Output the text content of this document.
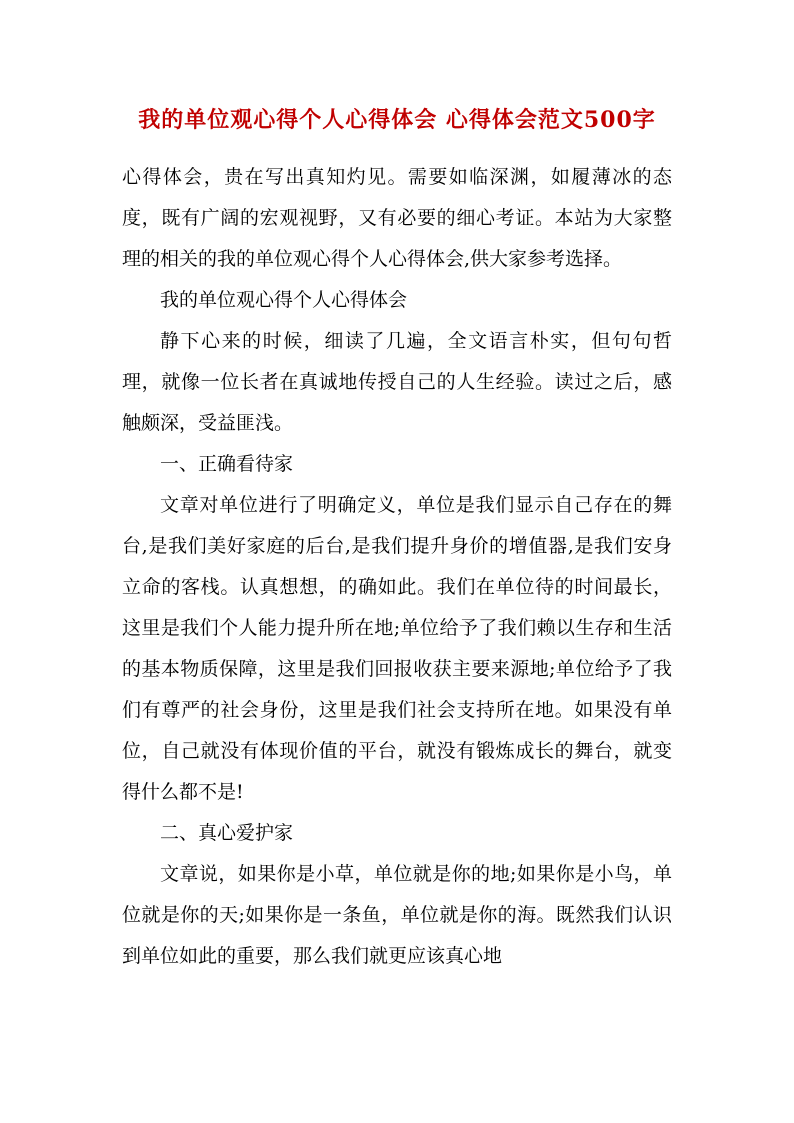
我的单位观心得个人心得体会 心得体会范文500字

心得体会，贵在写出真知灼见。需要如临深渊，如履薄冰的态度，既有广阔的宏观视野，又有必要的细心考证。本站为大家整理的相关的我的单位观心得个人心得体会,供大家参考选择。

我的单位观心得个人心得体会

静下心来的时候，细读了几遍，全文语言朴实，但句句哲理，就像一位长者在真诚地传授自己的人生经验。读过之后，感触颇深，受益匪浅。

一、正确看待家

文章对单位进行了明确定义，单位是我们显示自己存在的舞台,是我们美好家庭的后台,是我们提升身价的增值器,是我们安身立命的客栈。认真想想，的确如此。我们在单位待的时间最长，这里是我们个人能力提升所在地;单位给予了我们赖以生存和生活的基本物质保障，这里是我们回报收获主要来源地;单位给予了我们有尊严的社会身份，这里是我们社会支持所在地。如果没有单位，自己就没有体现价值的平台，就没有锻炼成长的舞台，就变得什么都不是!

二、真心爱护家

文章说，如果你是小草，单位就是你的地;如果你是小鸟，单位就是你的天;如果你是一条鱼，单位就是你的海。既然我们认识到单位如此的重要，那么我们就更应该真心地
